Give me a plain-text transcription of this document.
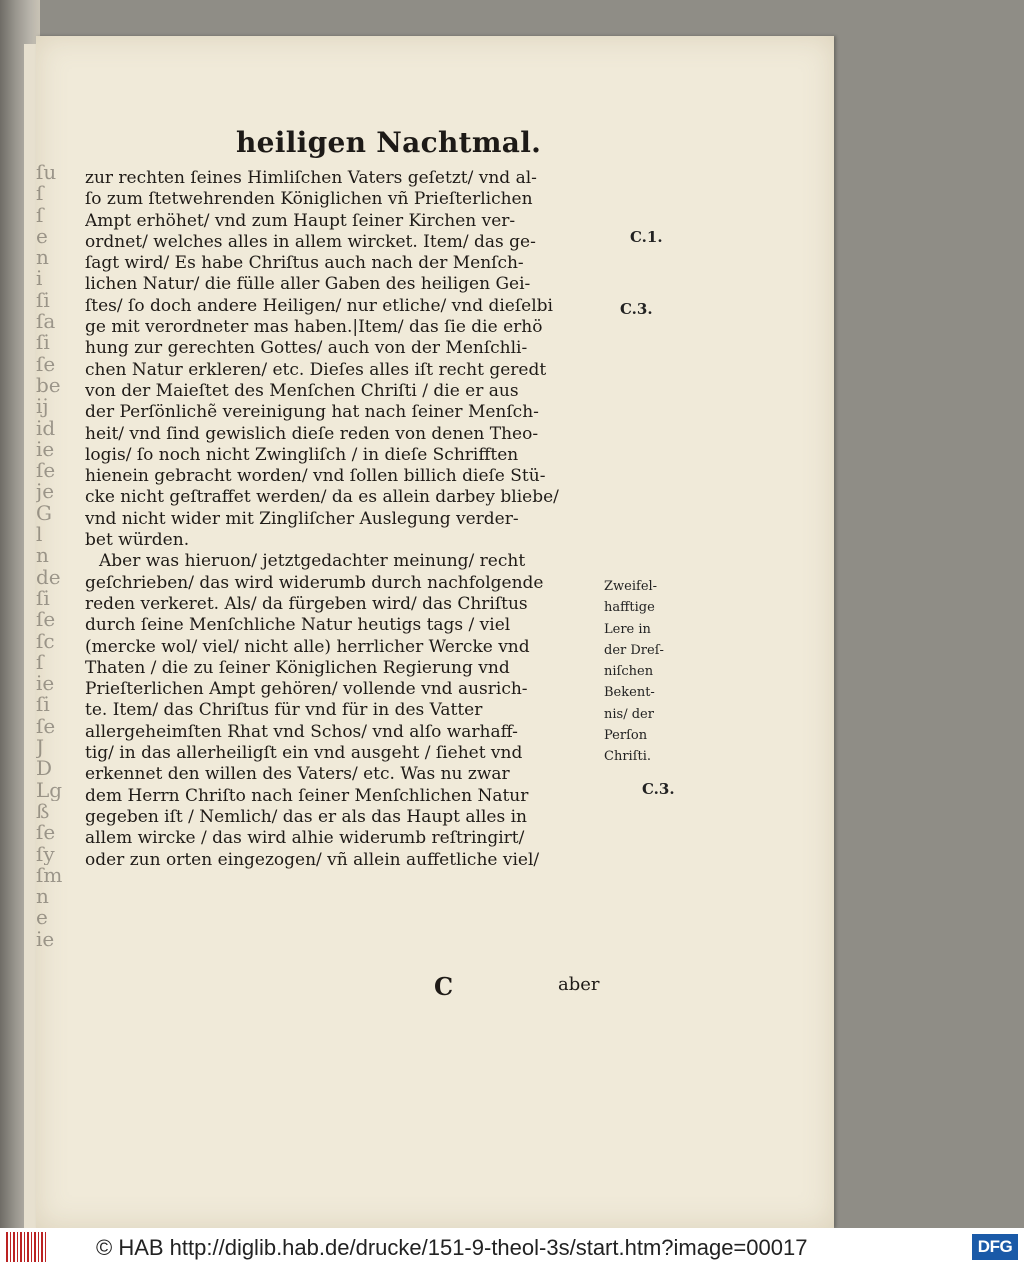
ſu
ſ
ſ
e
n
i
ſi
ſa
ſi
ſe
be
ij
id
ie
ſe
je
G
l
n
de
ſi
ſe
ſc
ſ
ie
ſi
ſe
J
D
Lg
ß
ſe
ſy
ſm
n
e
ie
heiligen Nachtmal.
zur rechten ſeines Himliſchen Vaters geſetzt/ vnd al-
ſo zum ſtetwehrenden Königlichen vñ Prieſterlichen
Ampt erhöhet/ vnd zum Haupt ſeiner Kirchen ver-
ordnet/ welches alles in allem wircket. Item/ das ge-
ſagt wird/ Es habe Chriſtus auch nach der Menſch-
lichen Natur/ die fülle aller Gaben des heiligen Gei-
ſtes/ ſo doch andere Heiligen/ nur etliche/ vnd dieſelbi
ge mit verordneter mas haben.|Item/ das ſie die erhö
hung zur gerechten Gottes/ auch von der Menſchli-
chen Natur erkleren/ etc. Dieſes alles iſt recht geredt
von der Maieſtet des Menſchen Chriſti / die er aus
der Perſönlichẽ vereinigung hat nach ſeiner Menſch-
heit/ vnd ſind gewislich dieſe reden von denen Theo-
logis/ ſo noch nicht Zwingliſch / in dieſe Schrifften
hienein gebracht worden/ vnd ſollen billich dieſe Stü-
cke nicht geſtraffet werden/ da es allein darbey bliebe/
vnd nicht wider mit Zingliſcher Auslegung verder-
bet würden.
Aber was hieruon/ jetztgedachter meinung/ recht
geſchrieben/ das wird widerumb durch nachfolgende
reden verkeret. Als/ da fürgeben wird/ das Chriſtus
durch ſeine Menſchliche Natur heutigs tags / viel
(mercke wol/ viel/ nicht alle) herrlicher Wercke vnd
Thaten / die zu ſeiner Königlichen Regierung vnd
Prieſterlichen Ampt gehören/ vollende vnd ausrich-
te. Item/ das Chriſtus für vnd für in des Vatter
allergeheimſten Rhat vnd Schos/ vnd alſo warhaff-
tig/ in das allerheiligſt ein vnd ausgeht / ſiehet vnd
erkennet den willen des Vaters/ etc. Was nu zwar
dem Herrn Chriſto nach ſeiner Menſchlichen Natur
gegeben iſt / Nemlich/ das er als das Haupt alles in
allem wircke / das wird alhie widerumb reſtringirt/
oder zun orten eingezogen/ vñ allein auffetliche viel/
C.1.
C.3.
C.3.
Zweifel-
hafftige
Lere in
der Dreſ-
niſchen
Bekent-
nis/ der
Perſon
Chriſti.
C	aber
© HAB http://diglib.hab.de/drucke/151-9-theol-3s/start.htm?image=00017	DFG
